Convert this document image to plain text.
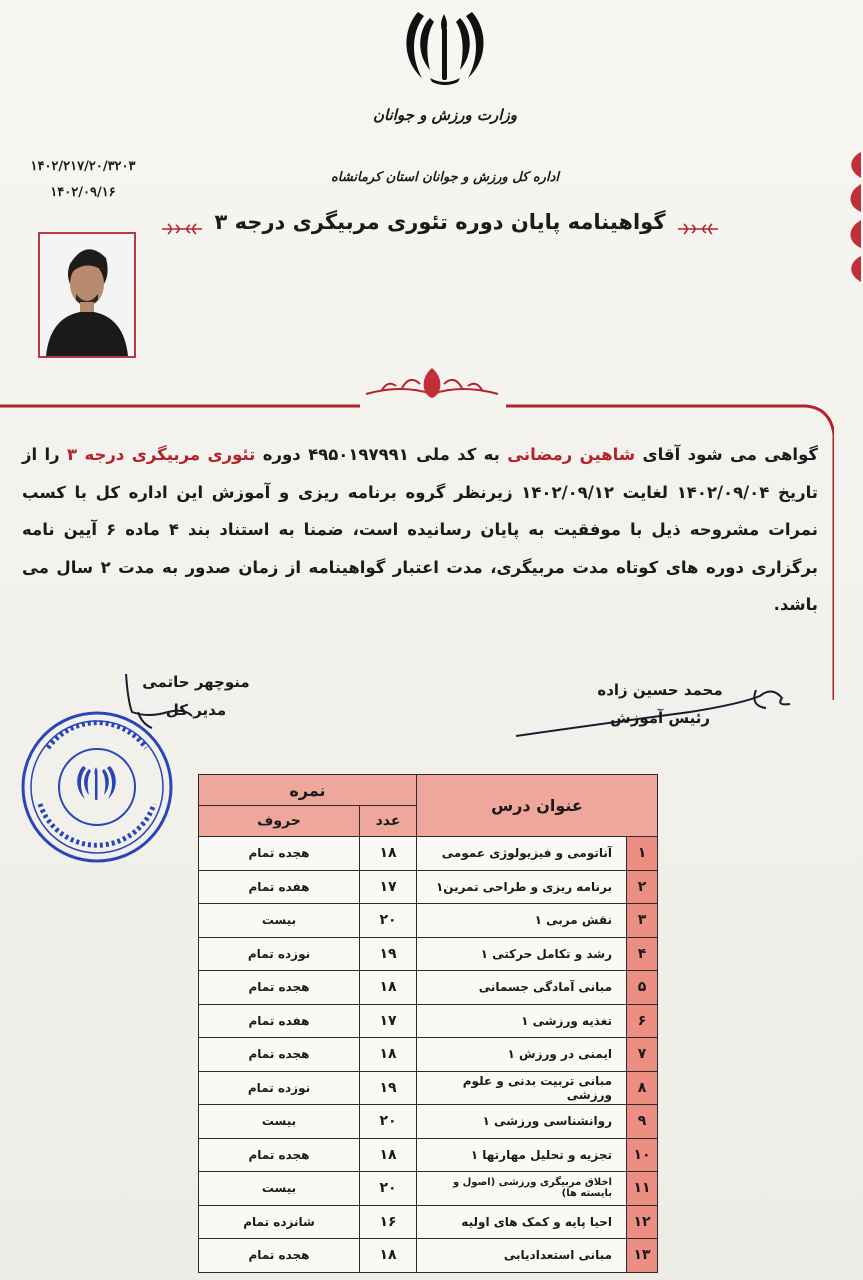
وزارت ورزش و جوانان
اداره کل ورزش و جوانان استان کرمانشاه
۱۴۰۲/۲۱۷/۲۰/۳۲۰۳
۱۴۰۲/۰۹/۱۶
گواهینامه پایان دوره تئوری مربیگری درجه ۳
گواهی می شود آقای شاهین رمضانی به کد ملی ۴۹۵۰۱۹۷۹۹۱ دوره تئوری مربیگری درجه ۳ را از تاریخ ۱۴۰۲/۰۹/۰۴ لغایت ۱۴۰۲/۰۹/۱۲ زیرنظر گروه برنامه ریزی و آموزش این اداره کل با کسب نمرات مشروحه ذیل با موفقیت به پایان رسانیده است، ضمنا به استناد بند ۴ ماده ۶ آیین نامه برگزاری دوره های کوتاه مدت مربیگری، مدت اعتبار گواهینامه از زمان صدور به مدت ۲ سال می باشد.
محمد حسین زاده
رئیس آموزش
منوچهر حاتمی
مدیر کل
عنوان درس		نمره	
		عدد	حروف
۱	آناتومی و فیزیولوژی عمومی	۱۸	هجده تمام
۲	برنامه ریزی و طراحی تمرین۱	۱۷	هفده تمام
۳	نقش مربی ۱	۲۰	بیست
۴	رشد و تکامل حرکتی ۱	۱۹	نوزده تمام
۵	مبانی آمادگی جسمانی	۱۸	هجده تمام
۶	تغذیه ورزشی ۱	۱۷	هفده تمام
۷	ایمنی در ورزش ۱	۱۸	هجده تمام
۸	مبانی تربیت بدنی و علوم ورزشی	۱۹	نوزده تمام
۹	روانشناسی ورزشی ۱	۲۰	بیست
۱۰	تجزیه و تحلیل مهارتها ۱	۱۸	هجده تمام
۱۱	اخلاق مربیگری ورزشی (اصول و بایسته ها)	۲۰	بیست
۱۲	احیا پایه و کمک های اولیه	۱۶	شانزده تمام
۱۳	مبانی استعدادیابی	۱۸	هجده تمام
